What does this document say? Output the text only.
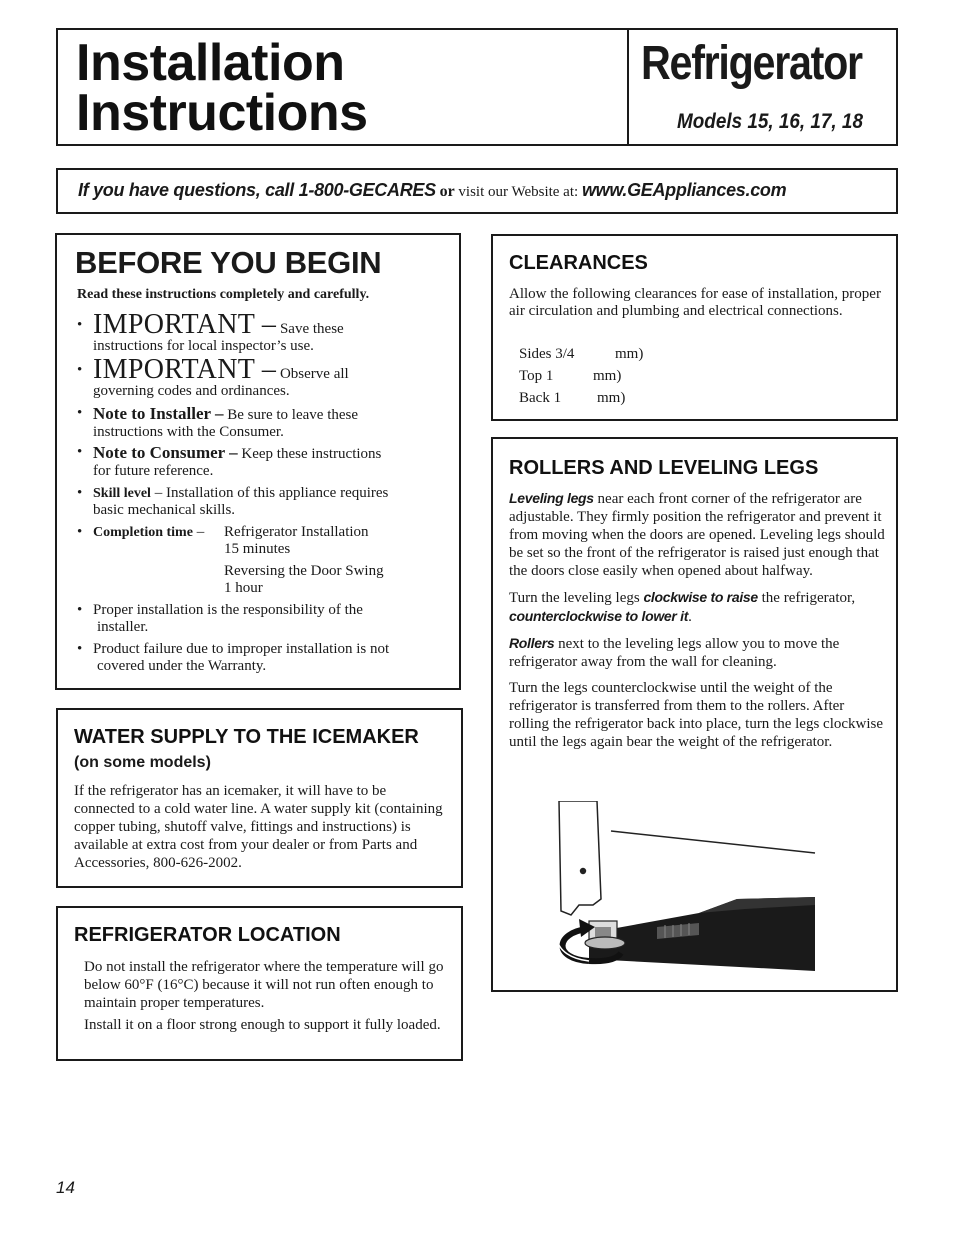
Installation
Instructions
Refrigerator
Models 15, 16, 17, 18
If you have questions, call 1-800-GECARES or visit our Website at: www.GEAppliances.com
BEFORE YOU BEGIN
Read these instructions completely and carefully.
• IMPORTANT – Save these
instructions for local inspector’s use.
• IMPORTANT – Observe all
governing codes and ordinances.
• Note to Installer – Be sure to leave these
instructions with the Consumer.
• Note to Consumer – Keep these instructions
for future reference.
• Skill level – Installation of this appliance requires
basic mechanical skills.
• Completion time –	Refrigerator Installation
15 minutes
Reversing the Door Swing
1 hour
• Proper installation is the responsibility of the
installer.
• Product failure due to improper installation is not
covered under the Warranty.
WATER SUPPLY TO THE ICEMAKER
(on some models)
If the refrigerator has an icemaker, it will have to be connected to a cold water line. A water supply kit (containing copper tubing, shutoff valve, fittings and instructions) is available at extra cost from your dealer or from Parts and Accessories, 800-626-2002.
REFRIGERATOR LOCATION

Do not install the refrigerator where the temperature will go below 60°F (16°C) because it will not run often enough to maintain proper temperatures.

Install it on a floor strong enough to support it fully loaded.

CLEARANCES
Allow the following clearances for ease of installation, proper air circulation and plumbing and electrical connections.
Sides 3/4	mm)
Top 1	mm)
Back 1 mm)
ROLLERS AND LEVELING LEGS

Leveling legs near each front corner of the refrigerator are adjustable. They firmly position the refrigerator and prevent it from moving when the doors are opened. Leveling legs should be set so the front of the refrigerator is raised just enough that the doors close easily when opened about halfway.

Turn the leveling legs clockwise to raise the refrigerator, counterclockwise to lower it.

Rollers next to the leveling legs allow you to move the refrigerator away from the wall for cleaning.

Turn the legs counterclockwise until the weight of the refrigerator is transferred from them to the rollers. After rolling the refrigerator back into place, turn the legs clockwise until the legs again bear the weight of the refrigerator.

14
